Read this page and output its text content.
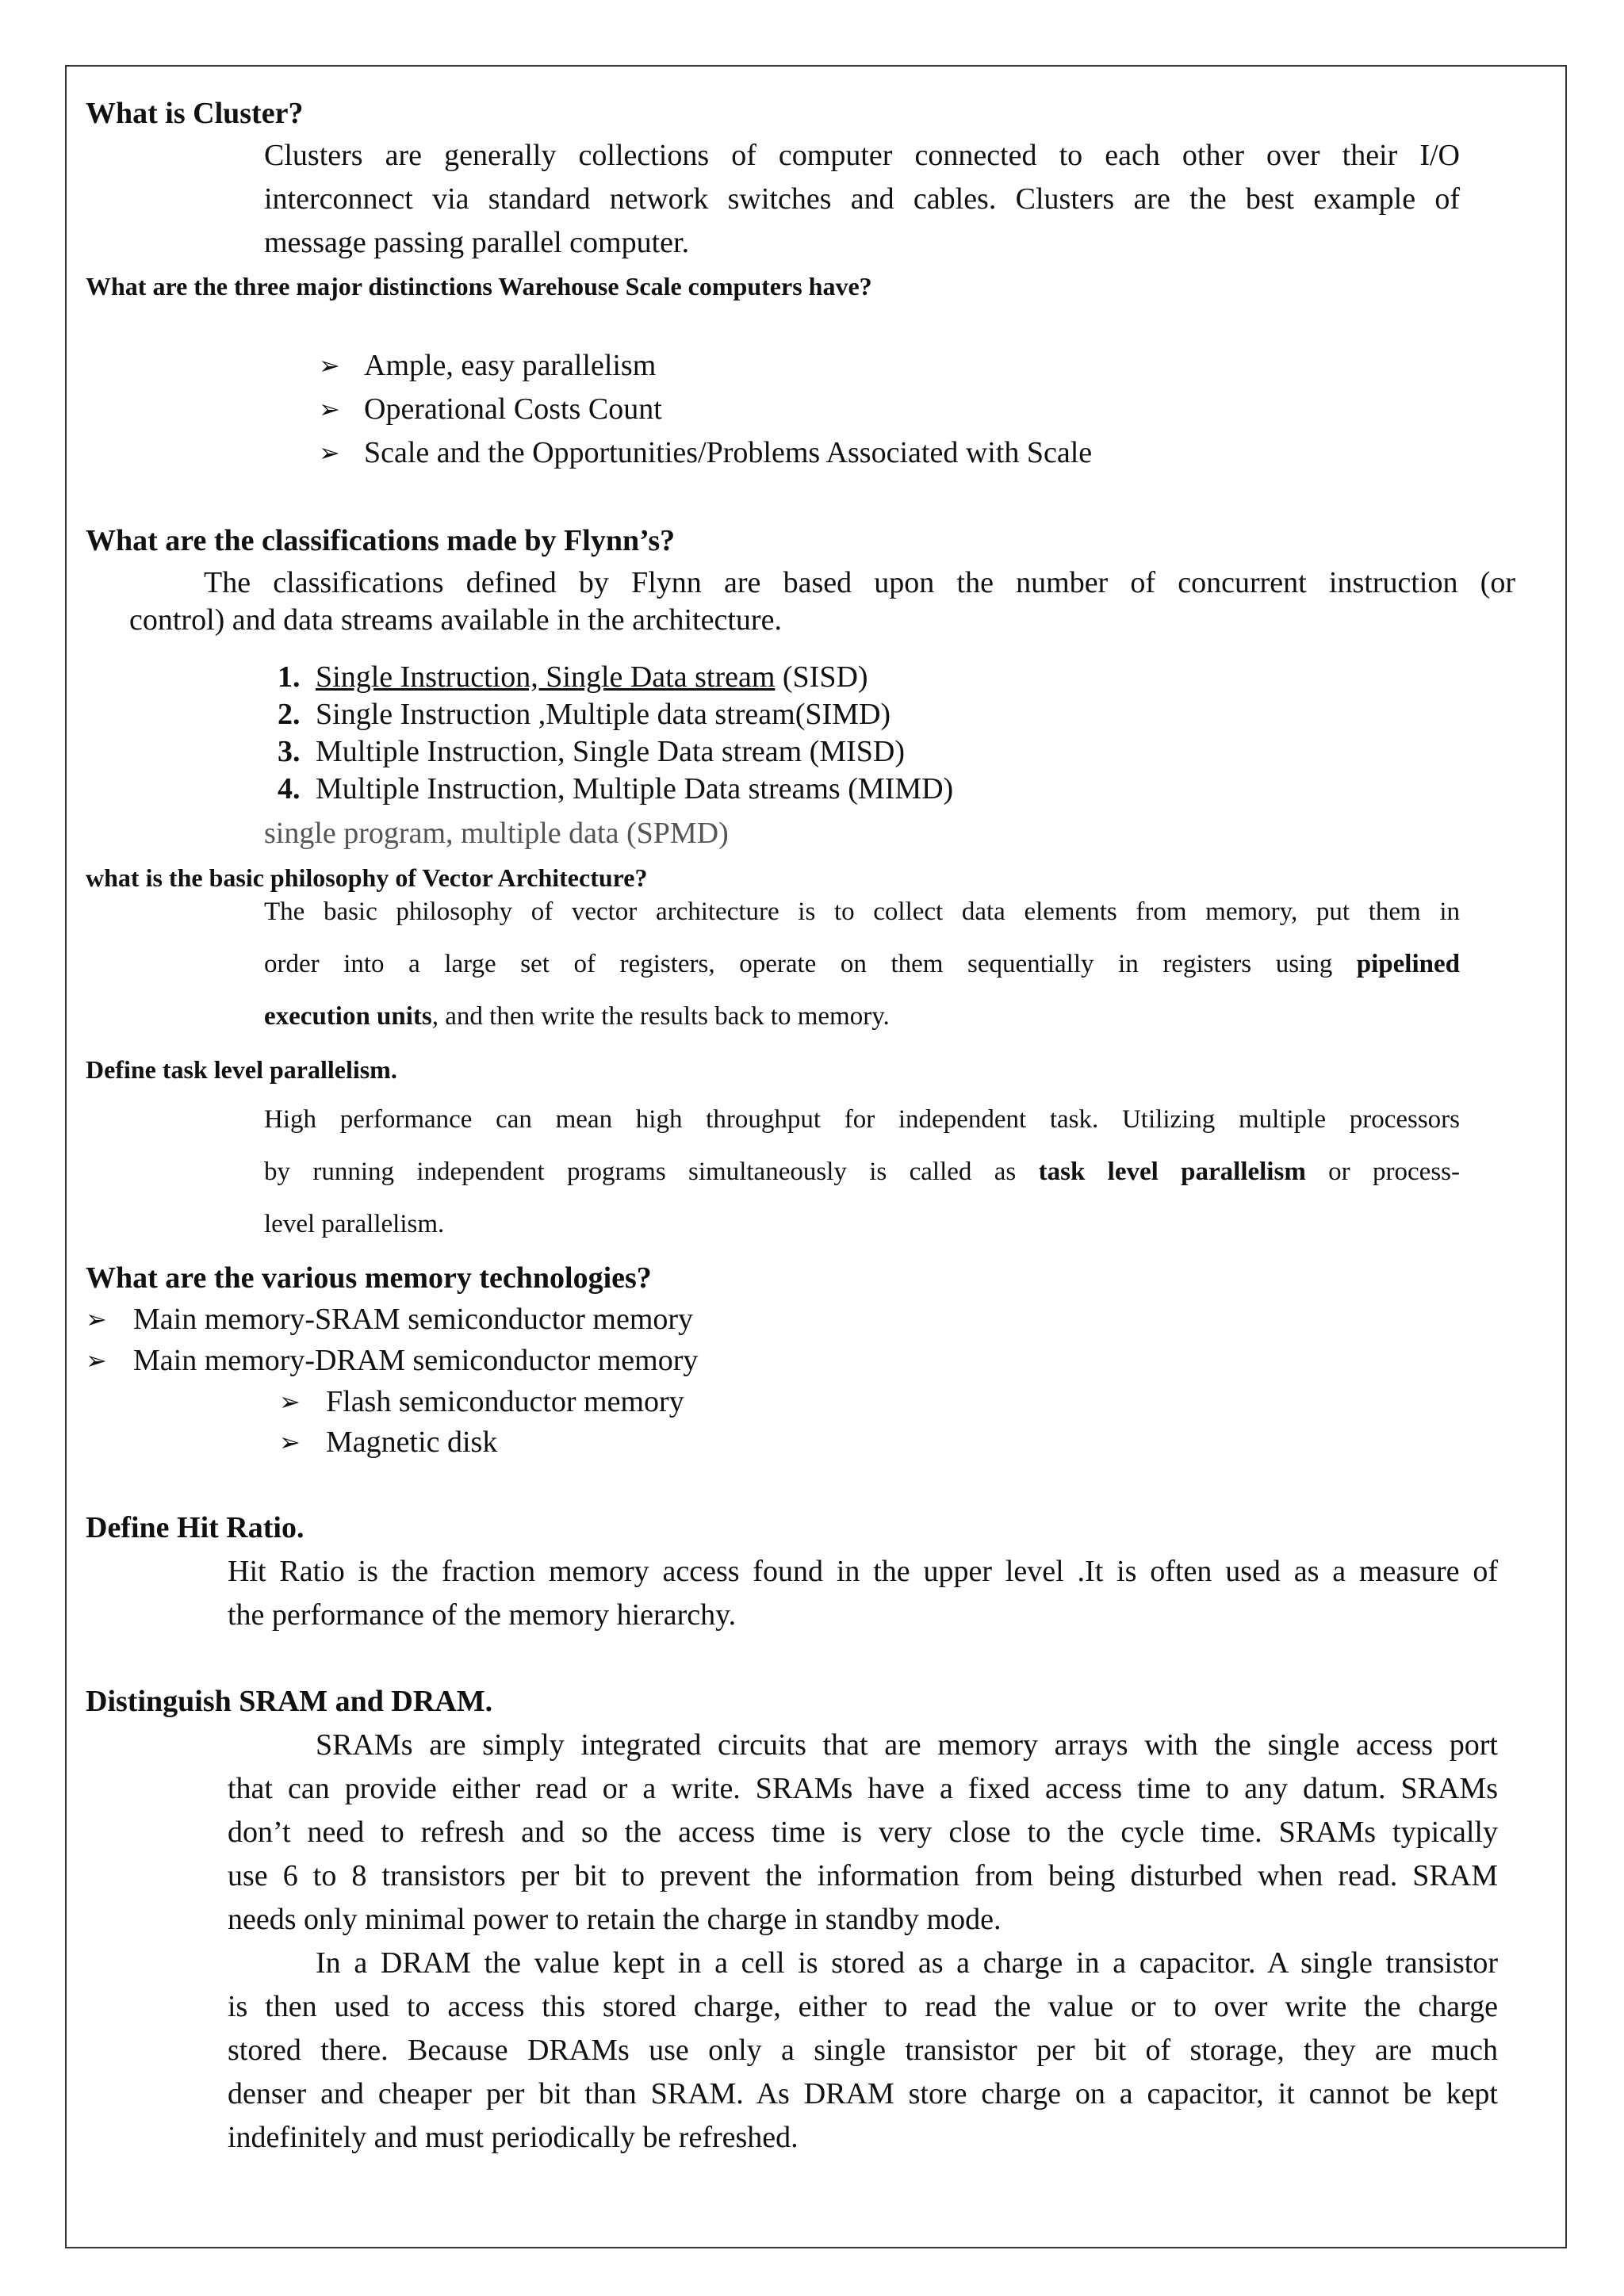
What is Cluster?
Clusters are generally collections of computer connected to each other over their I/O
interconnect via standard network switches and cables. Clusters are the best example of
message passing parallel computer.
What are the three major distinctions Warehouse Scale computers have?
➢ Ample, easy parallelism
➢ Operational Costs Count
➢ Scale and the Opportunities/Problems Associated with Scale
What are the classifications made by Flynn’s?
The classifications defined by Flynn are based upon the number of concurrent instruction (or
control) and data streams available in the architecture.
1. Single Instruction, Single Data stream (SISD)
2. Single Instruction ,Multiple data stream(SIMD)
3. Multiple Instruction, Single Data stream (MISD)
4. Multiple Instruction, Multiple Data streams (MIMD)
single program, multiple data (SPMD)
what is the basic philosophy of Vector Architecture?
The basic philosophy of vector architecture is to collect data elements from memory, put them in
order into a large set of registers, operate on them sequentially in registers using pipelined
execution units, and then write the results back to memory.
Define task level parallelism.
High performance can mean high throughput for independent task. Utilizing multiple processors
by running independent programs simultaneously is called as task level parallelism or process-
level parallelism.
What are the various memory technologies?
➢ Main memory-SRAM semiconductor memory
➢ Main memory-DRAM semiconductor memory
➢ Flash semiconductor memory
➢ Magnetic disk
Define Hit Ratio.
Hit Ratio is the fraction memory access found in the upper level .It is often used as a measure of
the performance of the memory hierarchy.
Distinguish SRAM and DRAM.
SRAMs are simply integrated circuits that are memory arrays with the single access port
that can provide either read or a write. SRAMs have a fixed access time to any datum. SRAMs
don’t need to refresh and so the access time is very close to the cycle time. SRAMs typically
use 6 to 8 transistors per bit to prevent the information from being disturbed when read. SRAM
needs only minimal power to retain the charge in standby mode.
In a DRAM the value kept in a cell is stored as a charge in a capacitor. A single transistor
is then used to access this stored charge, either to read the value or to over write the charge
stored there. Because DRAMs use only a single transistor per bit of storage, they are much
denser and cheaper per bit than SRAM. As DRAM store charge on a capacitor, it cannot be kept
indefinitely and must periodically be refreshed.
